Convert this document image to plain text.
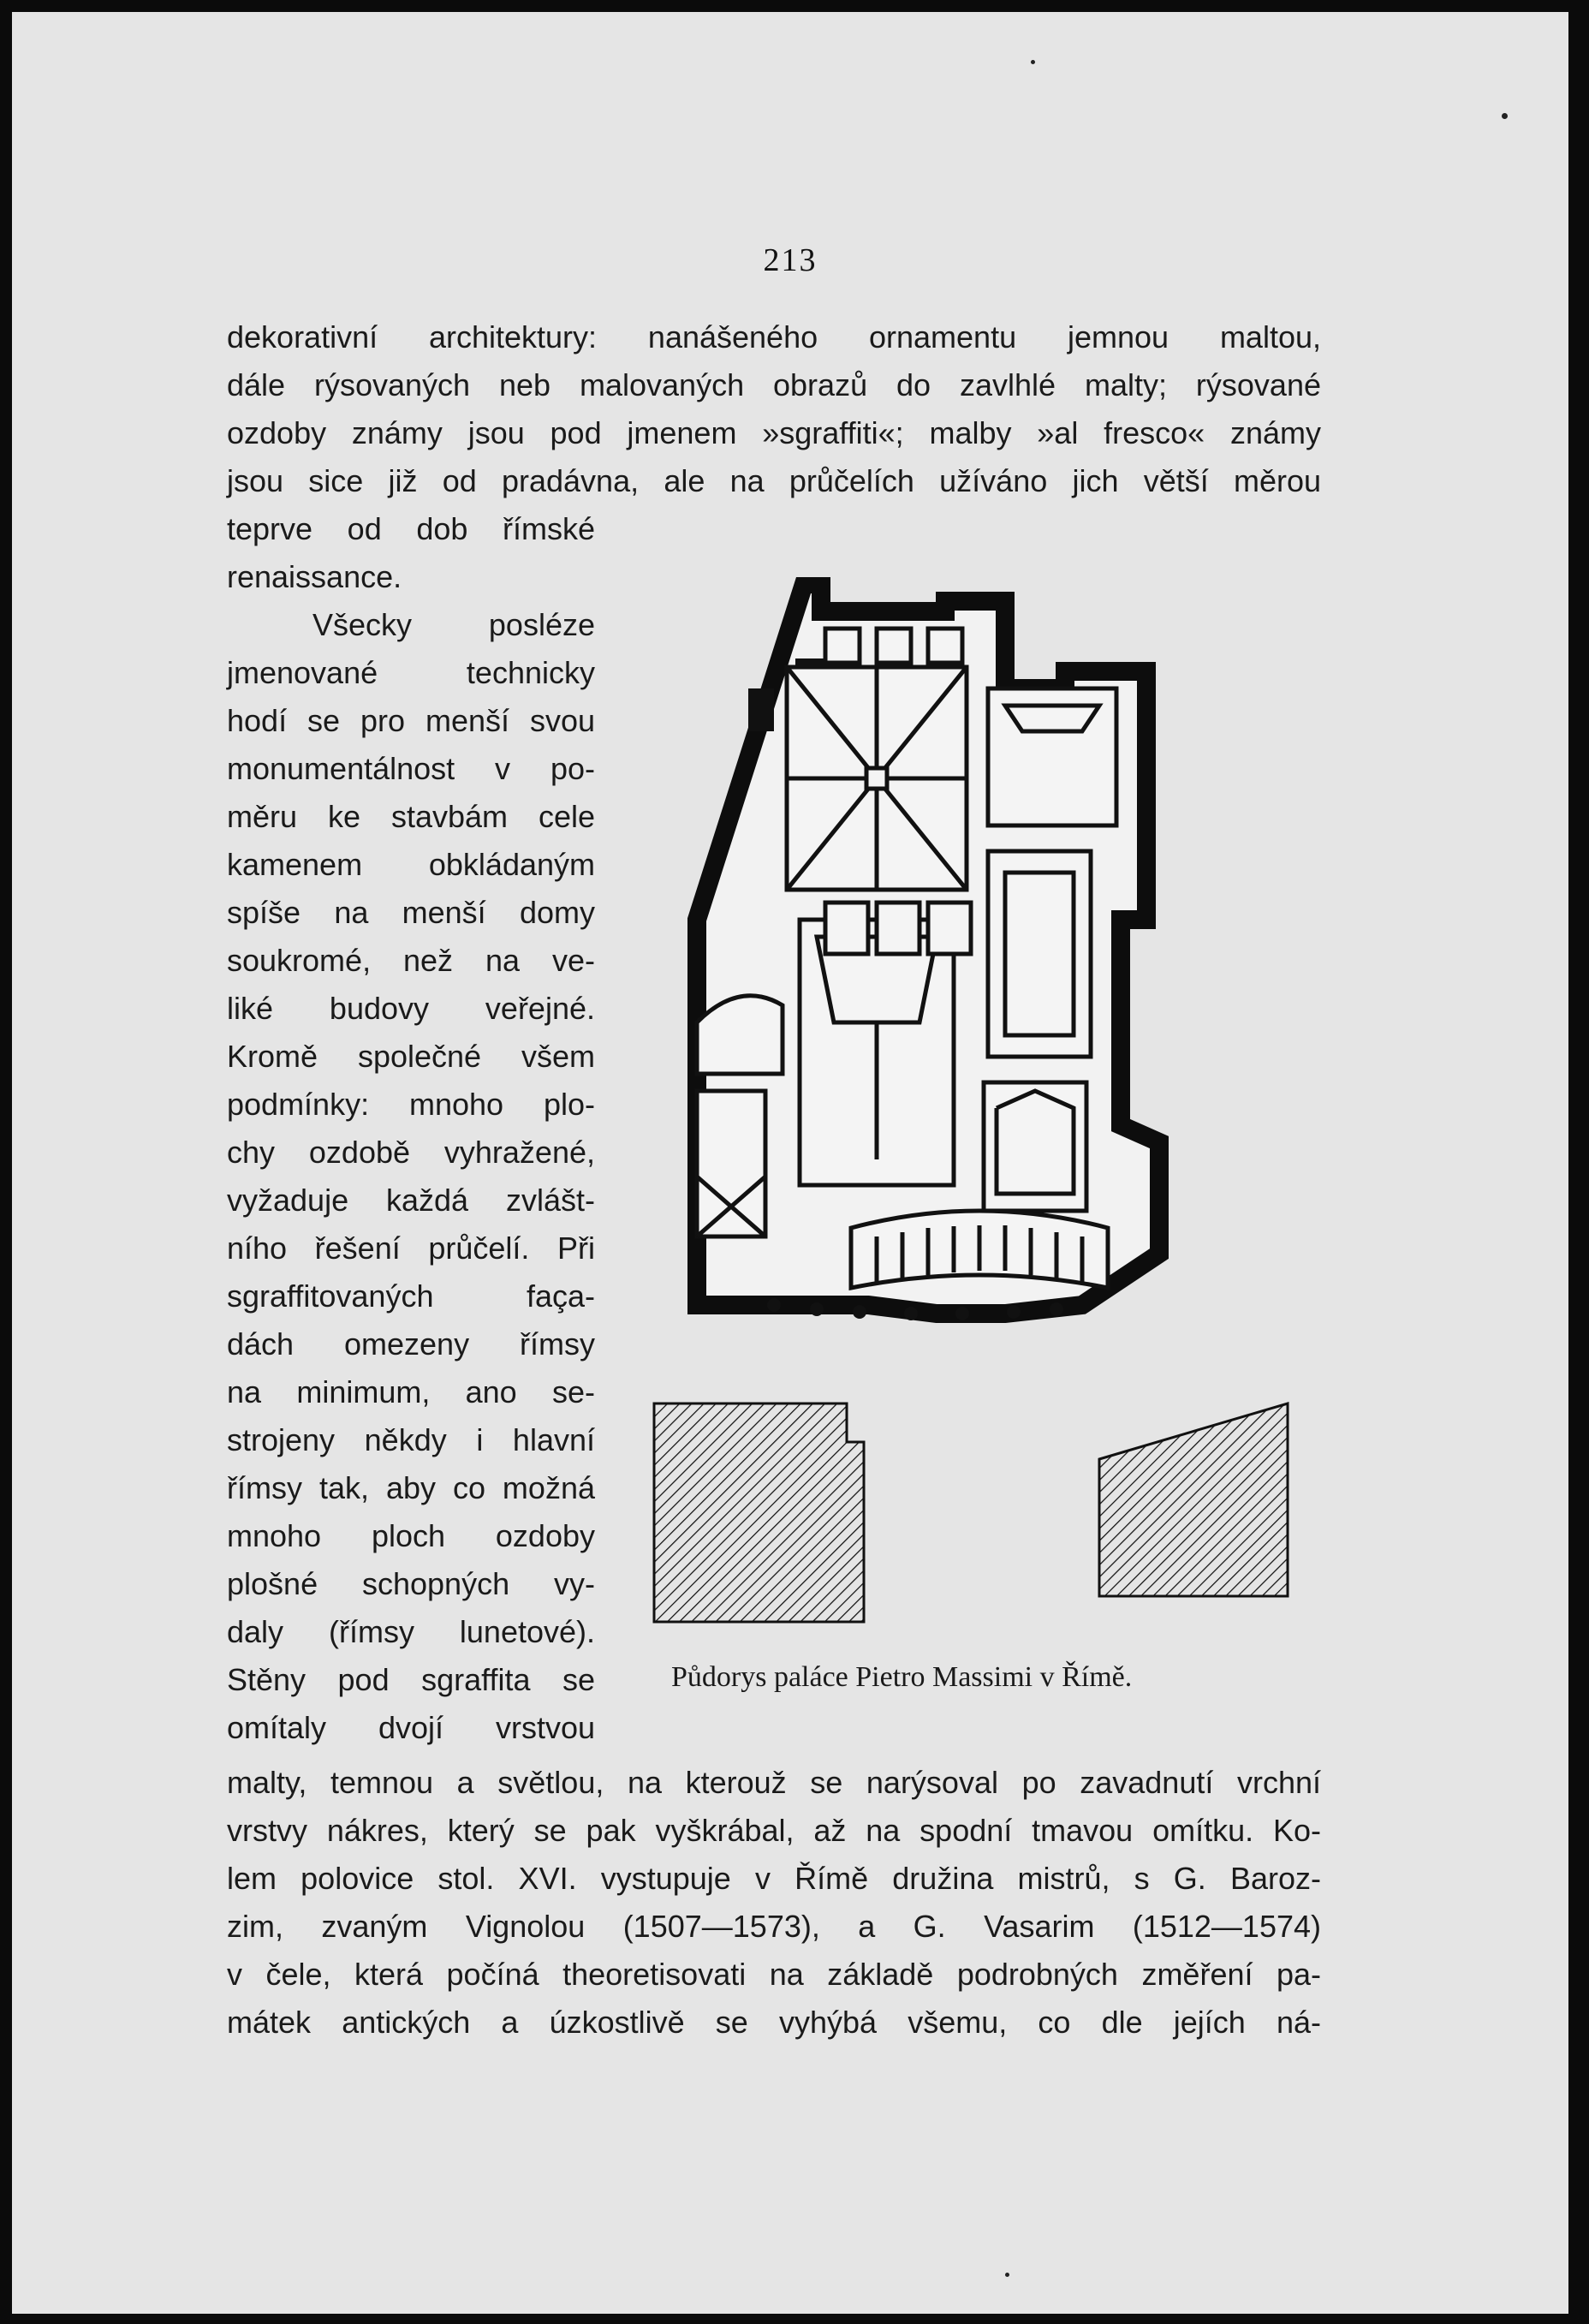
213
dekorativní architektury: nanášeného ornamentu jemnou maltou,
dále rýsovaných neb malovaných obrazů do zavlhlé malty; rýsované
ozdoby známy jsou pod jmenem »sgraffiti«; malby »al fresco« známy
jsou sice již od pradávna, ale na průčelích užíváno jich větší měrou
teprve od dob římské
renaissance.
Všecky posléze
jmenované technicky
hodí se pro menší svou
monumentálnost v po-
měru ke stavbám cele
kamenem obkládaným
spíše na menší domy
soukromé, než na ve-
liké budovy veřejné.
Kromě společné všem
podmínky: mnoho plo-
chy ozdobě vyhražené,
vyžaduje každá zvlášt-
ního řešení průčelí. Při
sgraffitovaných faça-
dách omezeny římsy
na minimum, ano se-
strojeny někdy i hlavní
římsy tak, aby co možná
mnoho ploch ozdoby
plošné schopných vy-
daly (římsy lunetové).
Stěny pod sgraffita se
omítaly dvojí vrstvou
malty, temnou a světlou, na kterouž se narýsoval po zavadnutí vrchní
vrstvy nákres, který se pak vyškrábal, až na spodní tmavou omítku. Ko-
lem polovice stol. XVI. vystupuje v Římě družina mistrů, s G. Baroz-
zim, zvaným Vignolou (1507—1573), a G. Vasarim (1512—1574)
v čele, která počíná theoretisovati na základě podrobných změření pa-
mátek antických a úzkostlivě se vyhýbá všemu, co dle jejích ná-
Půdorys paláce Pietro Massimi v Římě.
